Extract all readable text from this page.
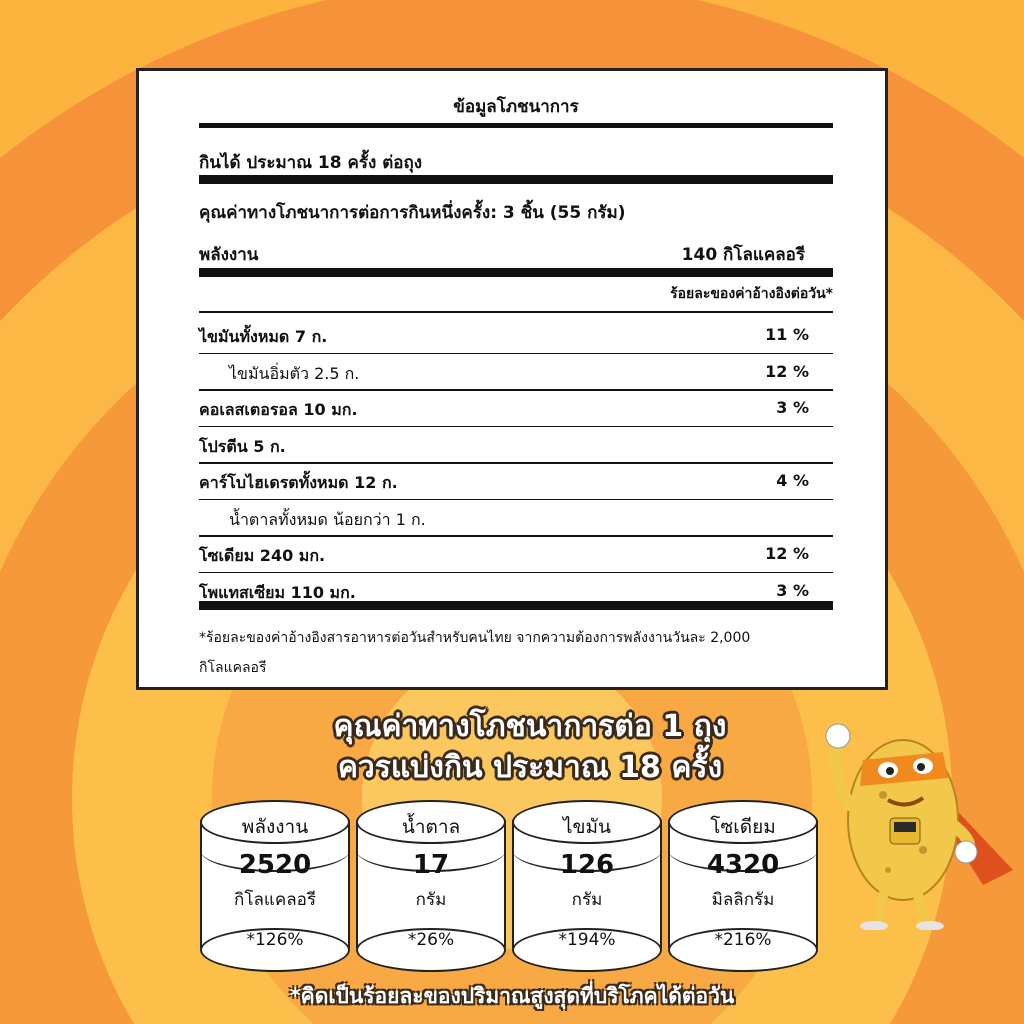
ข้อมูลโภชนาการ
กินได้ ประมาณ 18 ครั้ง ต่อถุง
คุณค่าทางโภชนาการต่อการกินหนึ่งครั้ง: 3 ชิ้น (55 กรัม)
พลังงาน	140 กิโลแคลอรี
ร้อยละของค่าอ้างอิงต่อวัน*
ไขมันทั้งหมด 7 ก.	11 %
ไขมันอิ่มตัว 2.5 ก.	12 %
คอเลสเตอรอล 10 มก.	3 %
โปรตีน 5 ก.
คาร์โบไฮเดรตทั้งหมด 12 ก.	4 %
น้ำตาลทั้งหมด น้อยกว่า 1 ก.
โซเดียม 240 มก.	12 %
โพแทสเซียม 110 มก.	3 %
*ร้อยละของค่าอ้างอิงสารอาหารต่อวันสำหรับคนไทย จากความต้องการพลังงานวันละ 2,000
กิโลแคลอรี
คุณค่าทางโภชนาการต่อ 1 ถุง
ควรแบ่งกิน ประมาณ 18 ครั้ง
พลังงาน
2520
กิโลแคลอรี
*126%
น้ำตาล
17
กรัม
*26%
ไขมัน
126
กรัม
*194%
โซเดียม
4320
มิลลิกรัม
*216%
*คิดเป็นร้อยละของปริมาณสูงสุดที่บริโภคได้ต่อวัน
